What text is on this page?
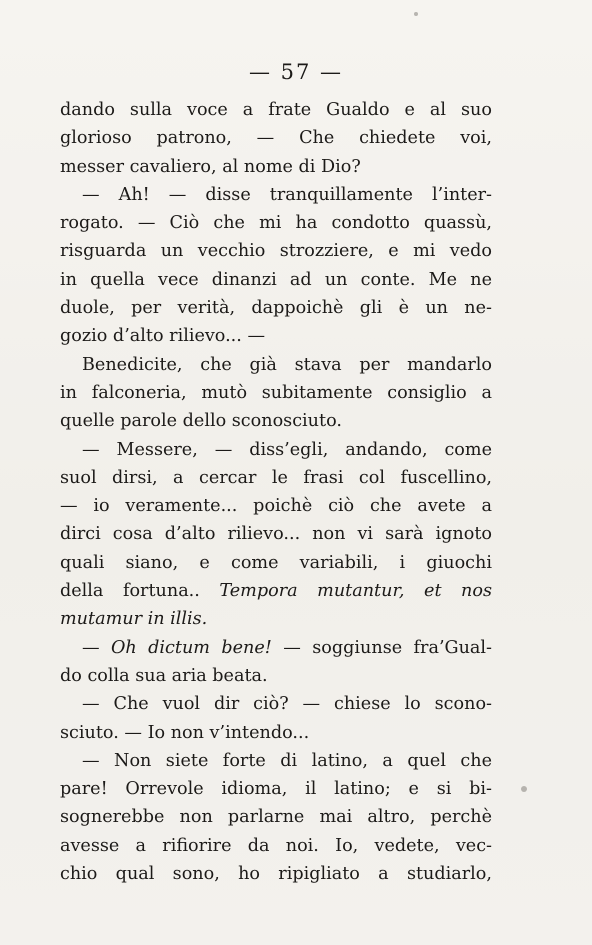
— 57 —
dando sulla voce a frate Gualdo e al suo
glorioso patrono, — Che chiedete voi,
messer cavaliero, al nome di Dio?
— Ah! — disse tranquillamente l’inter-
rogato. — Ciò che mi ha condotto quassù,
risguarda un vecchio strozziere, e mi vedo
in quella vece dinanzi ad un conte. Me ne
duole, per verità, dappoichè gli è un ne-
gozio d’alto rilievo... —
Benedicite, che già stava per mandarlo
in falconeria, mutò subitamente consiglio a
quelle parole dello sconosciuto.
— Messere, — diss’egli, andando, come
suol dirsi, a cercar le frasi col fuscellino,
— io veramente... poichè ciò che avete a
dirci cosa d’alto rilievo... non vi sarà ignoto
quali siano, e come variabili, i giuochi
della fortuna.. Tempora mutantur, et nos
mutamur in illis.
— Oh dictum bene! — soggiunse fra’Gual-
do colla sua aria beata.
— Che vuol dir ciò? — chiese lo scono-
sciuto. — Io non v’intendo...
— Non siete forte di latino, a quel che
pare! Orrevole idioma, il latino; e si bi-
sognerebbe non parlarne mai altro, perchè
avesse a rifiorire da noi. Io, vedete, vec-
chio qual sono, ho ripigliato a studiarlo,
